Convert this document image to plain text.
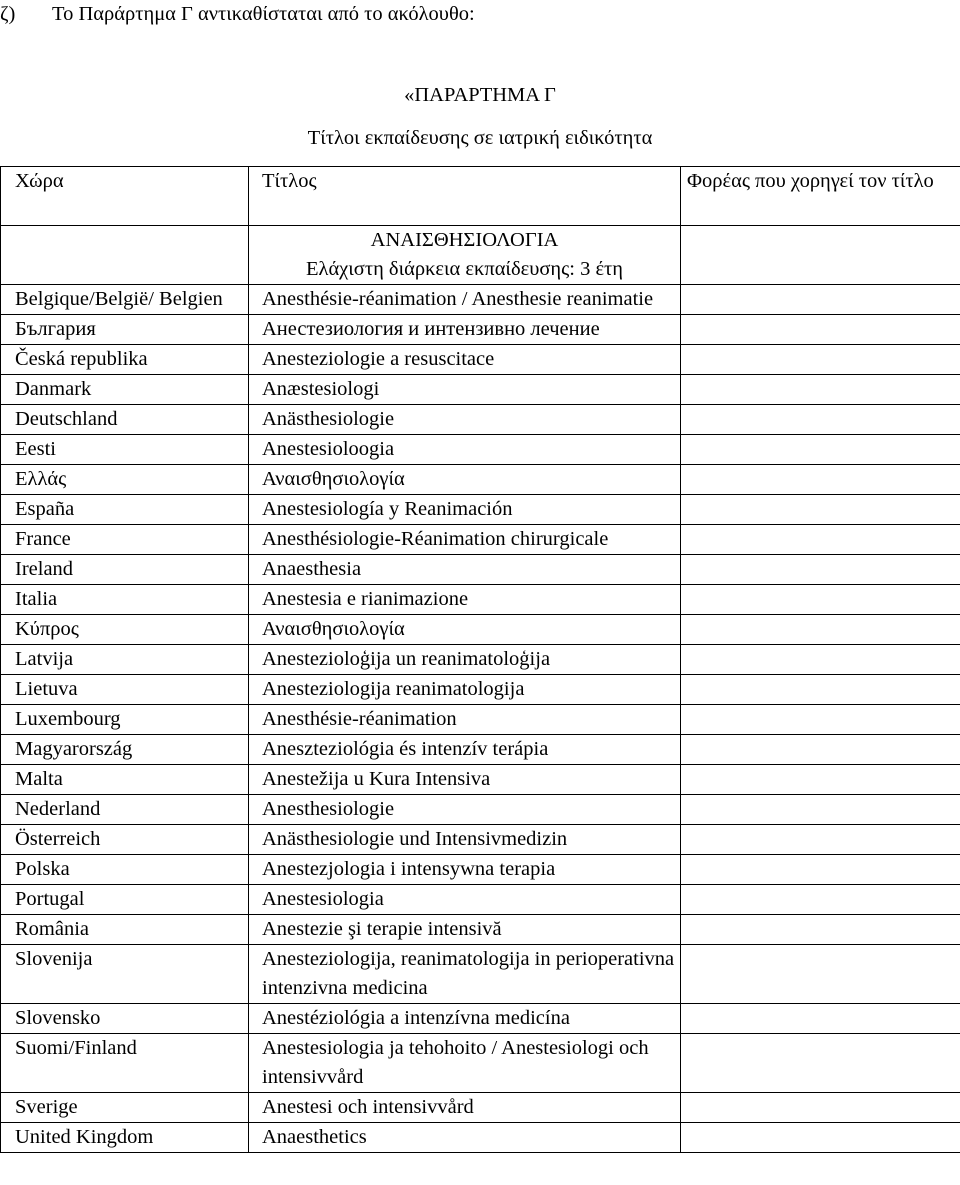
ζ) Το Παράρτημα Γ αντικαθίσταται από το ακόλουθο:
«ΠΑΡΑΡΤΗΜΑ Γ
Τίτλοι εκπαίδευσης σε ιατρική ειδικότητα
Χώρα	Τίτλος	Φορέας που χορηγεί τον τίτλο

	ΑΝΑΙΣΘΗΣΙΟΛΟΓΙΑ
Ελάχιστη διάρκεια εκπαίδευσης: 3 έτη	

Belgique/België/ Belgien	Anesthésie-réanimation / Anesthesie reanimatie	
България	Анестезиология и интензивно лечение	
Česká republika	Anesteziologie a resuscitace	
Danmark	Anæstesiologi	
Deutschland	Anästhesiologie	
Eesti	Anestesioloogia	
Ελλάς	Αναισθησιολογία	
España	Anestesiología y Reanimación	
France	Anesthésiologie-Réanimation chirurgicale	
Ireland	Anaesthesia	
Italia	Anestesia e rianimazione	
Κύπρος	Αναισθησιολογία	
Latvija	Anestezioloģija un reanimatoloģija	
Lietuva	Anesteziologija reanimatologija	
Luxembourg	Anesthésie-réanimation	
Magyarország	Aneszteziológia és intenzív terápia	
Malta	Anestežija u Kura Intensiva	
Nederland	Anesthesiologie	
Österreich	Anästhesiologie und Intensivmedizin	
Polska	Anestezjologia i intensywna terapia	
Portugal	Anestesiologia	
România	Anestezie şi terapie intensivă	
Slovenija	Anesteziologija, reanimatologija in perioperativna intenzivna medicina	
Slovensko	Anestéziológia a intenzívna medicína	
Suomi/Finland	Anestesiologia ja tehohoito / Anestesiologi och intensivvård	
Sverige	Anestesi och intensivvård	
United Kingdom	Anaesthetics	
